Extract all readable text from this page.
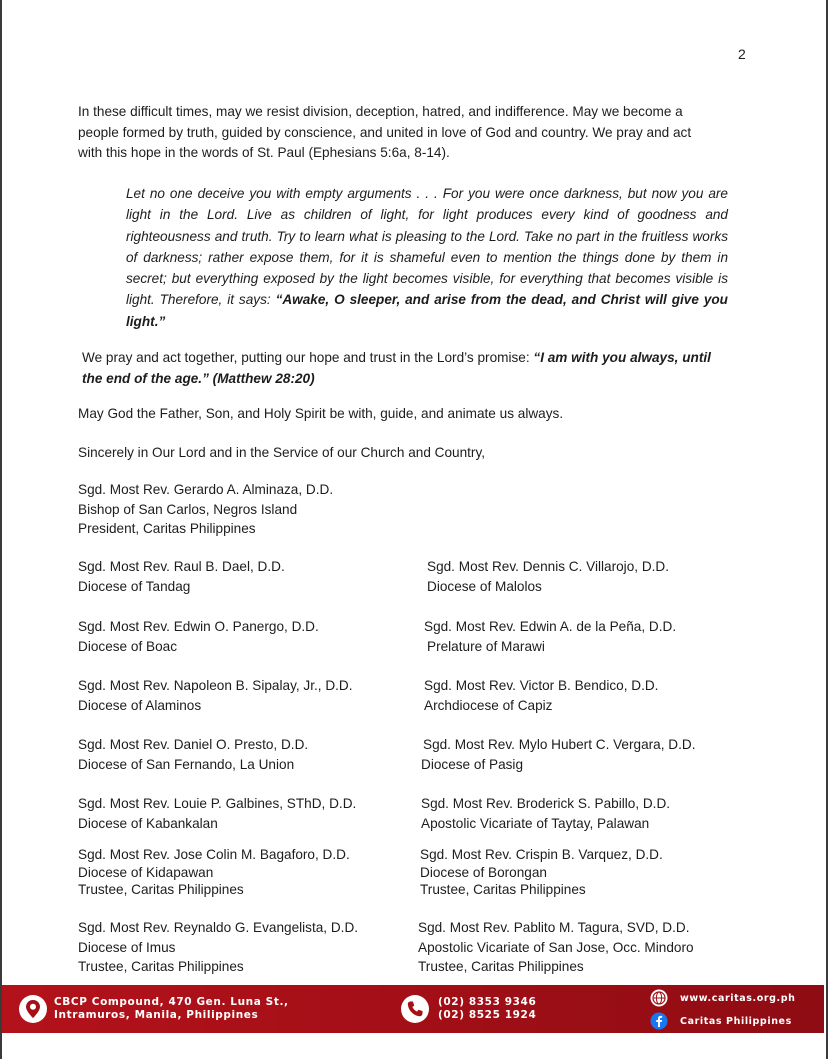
2
In these difficult times, may we resist division, deception, hatred, and indifference. May we become a
people formed by truth, guided by conscience, and united in love of God and country. We pray and act
with this hope in the words of St. Paul (Ephesians 5:6a, 8-14).
Let no one deceive you with empty arguments . . . For you were once darkness, but now you are light in the Lord. Live as children of light, for light produces every kind of goodness and righteousness and truth. Try to learn what is pleasing to the Lord. Take no part in the fruitless works of darkness; rather expose them, for it is shameful even to mention the things done by them in secret; but everything exposed by the light becomes visible, for everything that becomes visible is light. Therefore, it says: “Awake, O sleeper, and arise from the dead, and Christ will give you light.”
We pray and act together, putting our hope and trust in the Lord’s promise: “I am with you always, until the end of the age.” (Matthew 28:20)
May God the Father, Son, and Holy Spirit be with, guide, and animate us always.
Sincerely in Our Lord and in the Service of our Church and Country,
Sgd. Most Rev. Gerardo A. Alminaza, D.D.
Bishop of San Carlos, Negros Island
President, Caritas Philippines
Sgd. Most Rev. Raul B. Dael, D.D.
Diocese of Tandag
Sgd. Most Rev. Edwin O. Panergo, D.D.
Diocese of Boac
Sgd. Most Rev. Napoleon B. Sipalay, Jr., D.D.
Diocese of Alaminos
Sgd. Most Rev. Daniel O. Presto, D.D.
Diocese of San Fernando, La Union
Sgd. Most Rev. Louie P. Galbines, SThD, D.D.
Diocese of Kabankalan
Sgd. Most Rev. Jose Colin M. Bagaforo, D.D.
Diocese of Kidapawan
Trustee, Caritas Philippines
Sgd. Most Rev. Reynaldo G. Evangelista, D.D.
Diocese of Imus
Trustee, Caritas Philippines
Sgd. Most Rev. Dennis C. Villarojo, D.D.
Diocese of Malolos
Sgd. Most Rev. Edwin A. de la Peña, D.D.
Prelature of Marawi
Sgd. Most Rev. Victor B. Bendico, D.D.
Archdiocese of Capiz
Sgd. Most Rev. Mylo Hubert C. Vergara, D.D.
Diocese of Pasig
Sgd. Most Rev. Broderick S. Pabillo, D.D.
Apostolic Vicariate of Taytay, Palawan
Sgd. Most Rev. Crispin B. Varquez, D.D.
Diocese of Borongan
Trustee, Caritas Philippines
Sgd. Most Rev. Pablito M. Tagura, SVD, D.D.
Apostolic Vicariate of San Jose, Occ. Mindoro
Trustee, Caritas Philippines
CBCP Compound, 470 Gen. Luna St.,
Intramuros, Manila, Philippines
(02) 8353 9346
(02) 8525 1924
www.caritas.org.ph
Caritas Philippines
